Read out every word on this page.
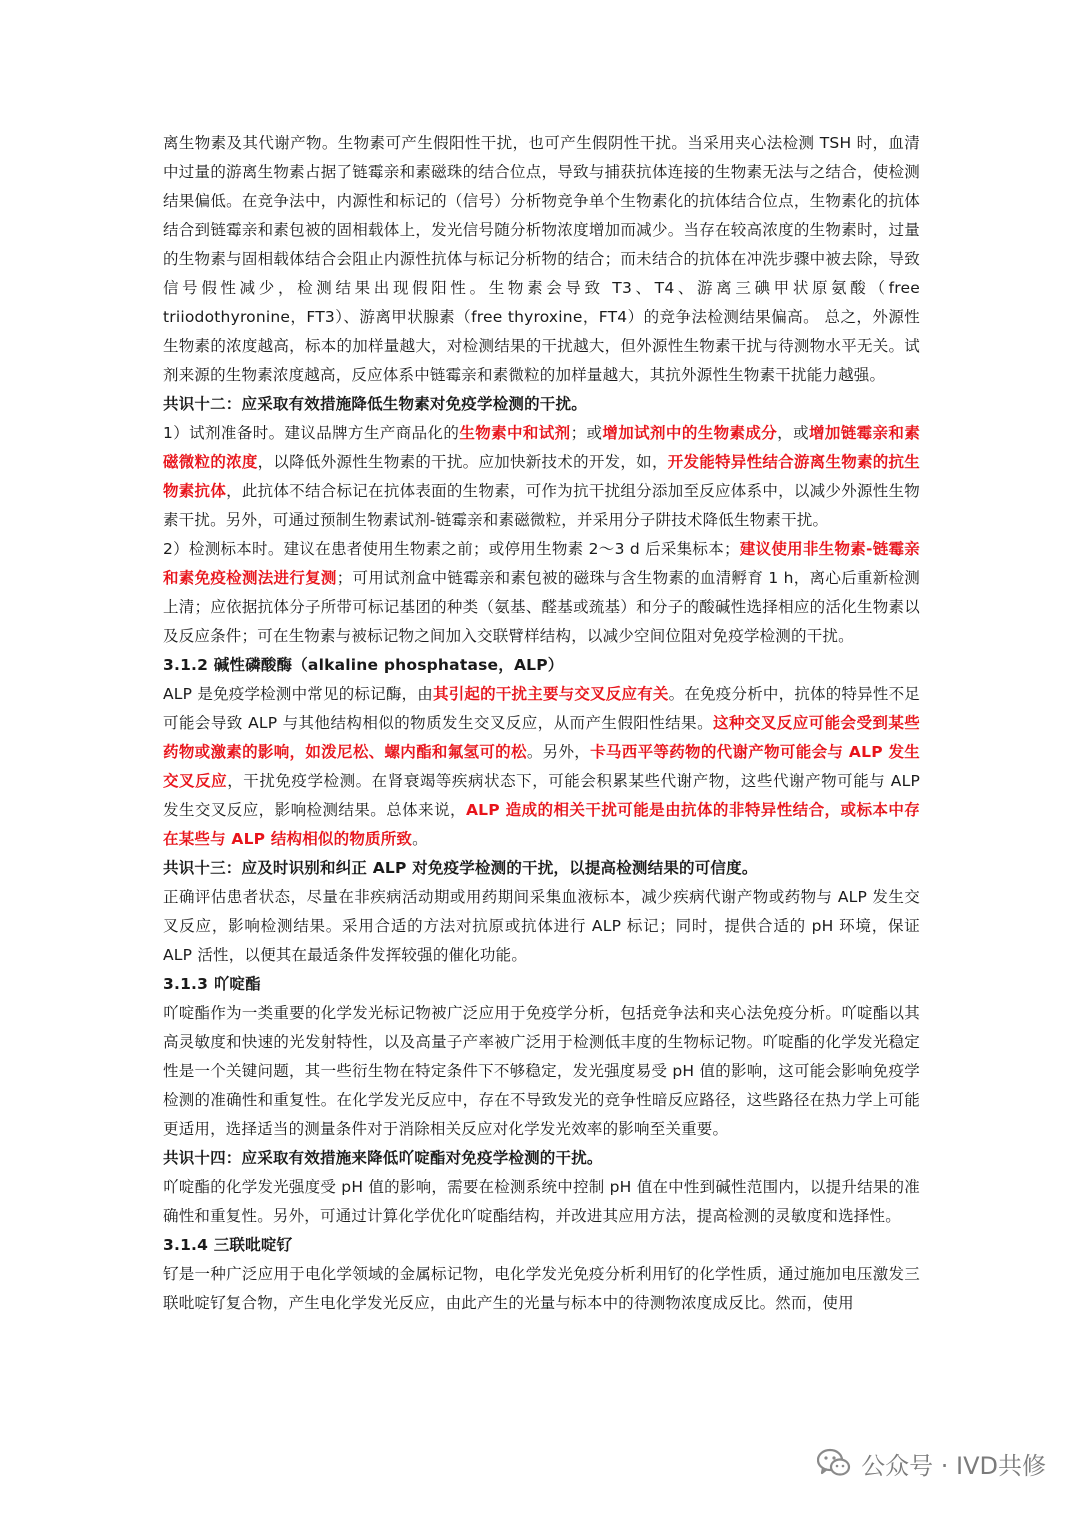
离生物素及其代谢产物。生物素可产生假阳性干扰，也可产生假阴性干扰。当采用夹心法检测 TSH 时，血清中过量的游离生物素占据了链霉亲和素磁珠的结合位点，导致与捕获抗体连接的生物素无法与之结合，使检测结果偏低。在竞争法中，内源性和标记的（信号）分析物竞争单个生物素化的抗体结合位点，生物素化的抗体结合到链霉亲和素包被的固相载体上，发光信号随分析物浓度增加而减少。当存在较高浓度的生物素时，过量的生物素与固相载体结合会阻止内源性抗体与标记分析物的结合；而未结合的抗体在冲洗步骤中被去除，导致信号假性减少，检测结果出现假阳性。生物素会导致 T3、T4、游离三碘甲状原氨酸（free triiodothyronine，FT3）、游离甲状腺素（free thyroxine，FT4）的竞争法检测结果偏高。 总之，外源性生物素的浓度越高，标本的加样量越大，对检测结果的干扰越大，但外源性生物素干扰与待测物水平无关。试剂来源的生物素浓度越高，反应体系中链霉亲和素微粒的加样量越大，其抗外源性生物素干扰能力越强。

共识十二：应采取有效措施降低生物素对免疫学检测的干扰。

1）试剂准备时。建议品牌方生产商品化的生物素中和试剂；或增加试剂中的生物素成分，或增加链霉亲和素磁微粒的浓度，以降低外源性生物素的干扰。应加快新技术的开发，如，开发能特异性结合游离生物素的抗生物素抗体，此抗体不结合标记在抗体表面的生物素，可作为抗干扰组分添加至反应体系中，以减少外源性生物素干扰。另外，可通过预制生物素试剂-链霉亲和素磁微粒，并采用分子阱技术降低生物素干扰。

2）检测标本时。建议在患者使用生物素之前；或停用生物素 2～3 d 后采集标本；建议使用非生物素-链霉亲和素免疫检测法进行复测；可用试剂盒中链霉亲和素包被的磁珠与含生物素的血清孵育 1 h，离心后重新检测上清；应依据抗体分子所带可标记基团的种类（氨基、醛基或巯基）和分子的酸碱性选择相应的活化生物素以及反应条件；可在生物素与被标记物之间加入交联臂样结构，以减少空间位阻对免疫学检测的干扰。

3.1.2 碱性磷酸酶（alkaline phosphatase，ALP）

ALP 是免疫学检测中常见的标记酶，由其引起的干扰主要与交叉反应有关。在免疫分析中，抗体的特异性不足可能会导致 ALP 与其他结构相似的物质发生交叉反应，从而产生假阳性结果。这种交叉反应可能会受到某些药物或激素的影响，如泼尼松、螺内酯和氟氢可的松。另外，卡马西平等药物的代谢产物可能会与 ALP 发生交叉反应，干扰免疫学检测。在肾衰竭等疾病状态下，可能会积累某些代谢产物，这些代谢产物可能与 ALP 发生交叉反应，影响检测结果。总体来说，ALP 造成的相关干扰可能是由抗体的非特异性结合，或标本中存在某些与 ALP 结构相似的物质所致。

共识十三：应及时识别和纠正 ALP 对免疫学检测的干扰，以提高检测结果的可信度。

正确评估患者状态，尽量在非疾病活动期或用药期间采集血液标本，减少疾病代谢产物或药物与 ALP 发生交叉反应，影响检测结果。采用合适的方法对抗原或抗体进行 ALP 标记；同时，提供合适的 pH 环境，保证 ALP 活性，以便其在最适条件发挥较强的催化功能。

3.1.3 吖啶酯

吖啶酯作为一类重要的化学发光标记物被广泛应用于免疫学分析，包括竞争法和夹心法免疫分析。吖啶酯以其高灵敏度和快速的光发射特性，以及高量子产率被广泛用于检测低丰度的生物标记物。吖啶酯的化学发光稳定性是一个关键问题，其一些衍生物在特定条件下不够稳定，发光强度易受 pH 值的影响，这可能会影响免疫学检测的准确性和重复性。在化学发光反应中，存在不导致发光的竞争性暗反应路径，这些路径在热力学上可能更适用，选择适当的测量条件对于消除相关反应对化学发光效率的影响至关重要。

共识十四：应采取有效措施来降低吖啶酯对免疫学检测的干扰。

吖啶酯的化学发光强度受 pH 值的影响，需要在检测系统中控制 pH 值在中性到碱性范围内，以提升结果的准确性和重复性。另外，可通过计算化学优化吖啶酯结构，并改进其应用方法，提高检测的灵敏度和选择性。

3.1.4 三联吡啶钌

钌是一种广泛应用于电化学领域的金属标记物，电化学发光免疫分析利用钌的化学性质，通过施加电压激发三联吡啶钌复合物，产生电化学发光反应，由此产生的光量与标本中的待测物浓度成反比。然而，使用

公众号 · IVD共修
